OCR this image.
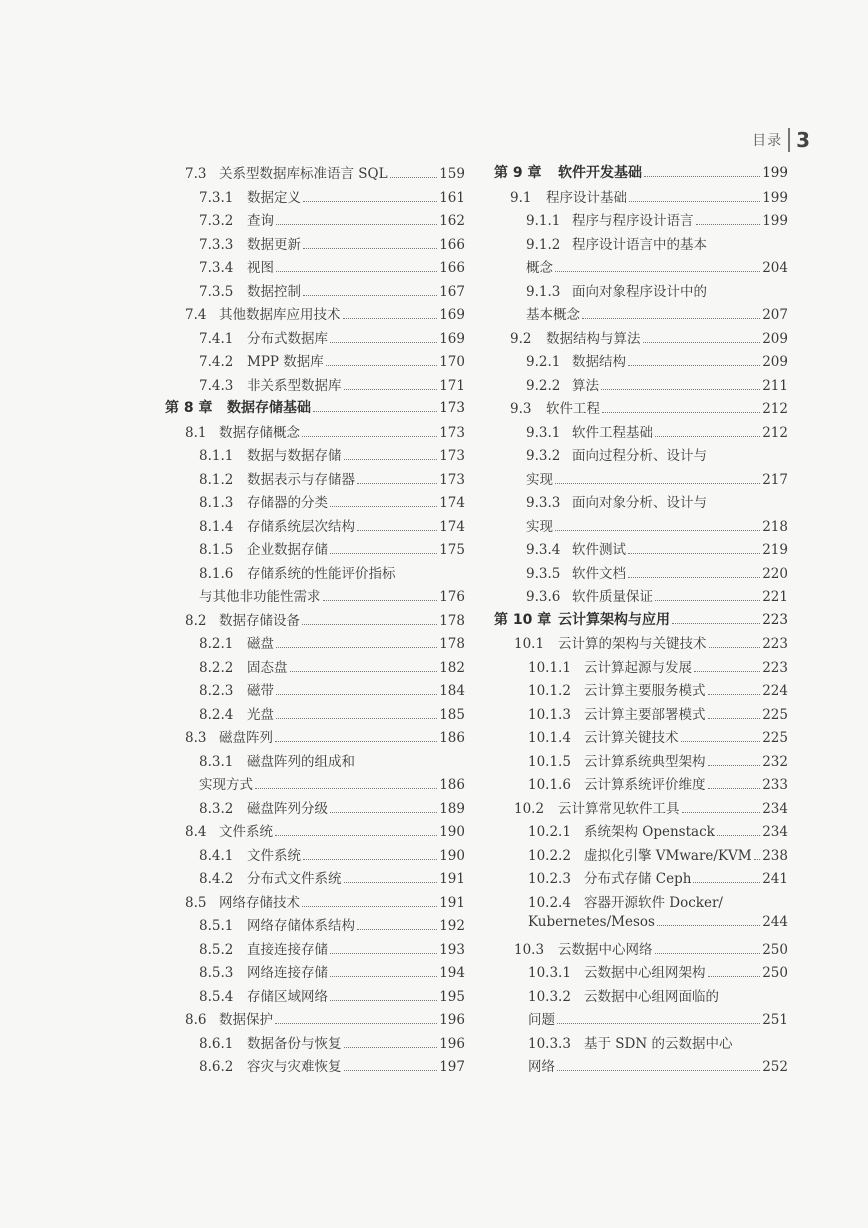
目录 3
7.3 关系型数据库标准语言 SQL	159
7.3.1	数据定义	161
7.3.2	查询	162
7.3.3	数据更新	166
7.3.4	视图	166
7.3.5	数据控制	167
7.4 其他数据库应用技术	169
7.4.1	分布式数据库	169
7.4.2	MPP 数据库	170
7.4.3	非关系型数据库	171
第 8 章	数据存储基础	173
8.1 数据存储概念	173
8.1.1	数据与数据存储	173
8.1.2	数据表示与存储器	173
8.1.3	存储器的分类	174
8.1.4	存储系统层次结构	174
8.1.5	企业数据存储	175
8.1.6	存储系统的性能评价指标
与其他非功能性需求	176
8.2 数据存储设备	178
8.2.1	磁盘	178
8.2.2	固态盘	182
8.2.3	磁带	184
8.2.4	光盘	185
8.3 磁盘阵列	186
8.3.1	磁盘阵列的组成和
实现方式	186
8.3.2	磁盘阵列分级	189
8.4 文件系统	190
8.4.1	文件系统	190
8.4.2	分布式文件系统	191
8.5 网络存储技术	191
8.5.1	网络存储体系结构	192
8.5.2	直接连接存储	193
8.5.3	网络连接存储	194
8.5.4	存储区域网络	195
8.6 数据保护	196
8.6.1	数据备份与恢复	196
8.6.2	容灾与灾难恢复	197
第 9 章	软件开发基础	199
9.1	程序设计基础	199
9.1.1 程序与程序设计语言	199
9.1.2 程序设计语言中的基本
概念	204
9.1.3 面向对象程序设计中的
基本概念	207
9.2	数据结构与算法	209
9.2.1 数据结构	209
9.2.2 算法	211
9.3	软件工程	212
9.3.1 软件工程基础	212
9.3.2 面向过程分析、设计与
实现	217
9.3.3 面向对象分析、设计与
实现	218
9.3.4 软件测试	219
9.3.5 软件文档	220
9.3.6 软件质量保证	221
第 10 章 云计算架构与应用	223
10.1	云计算的架构与关键技术	223
10.1.1 云计算起源与发展	223
10.1.2 云计算主要服务模式	224
10.1.3 云计算主要部署模式	225
10.1.4 云计算关键技术	225
10.1.5 云计算系统典型架构	232
10.1.6 云计算系统评价维度	233
10.2	云计算常见软件工具	234
10.2.1 系统架构 Openstack	234
10.2.2 虚拟化引擎 VMware/KVM 238
10.2.3 分布式存储 Ceph	241
10.2.4 容器开源软件 Docker/
Kubernetes/Mesos	244
10.3	云数据中心网络	250
10.3.1 云数据中心组网架构	250
10.3.2 云数据中心组网面临的
问题	251
10.3.3 基于 SDN 的云数据中心
网络	252
